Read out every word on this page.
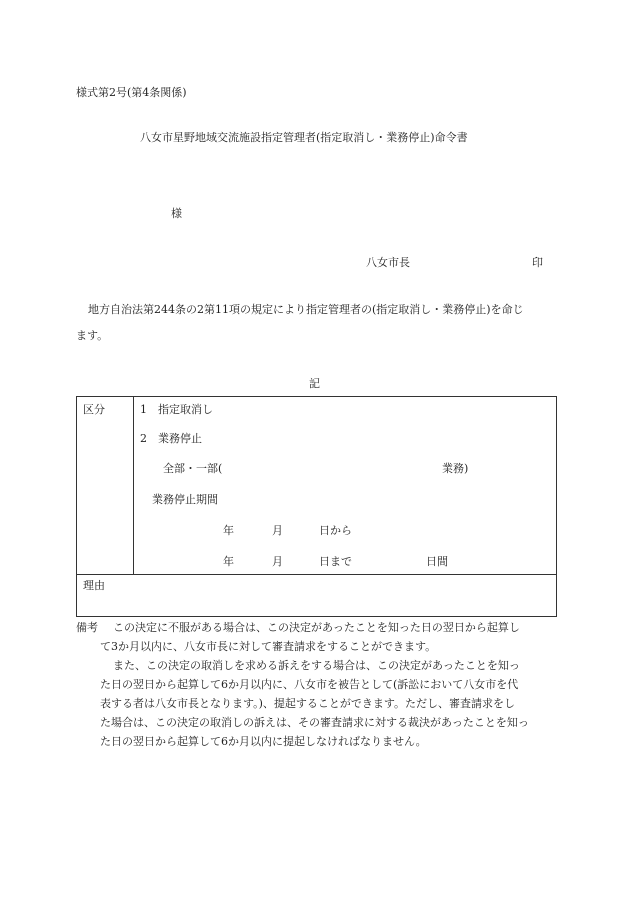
様式第2号(第4条関係)
八女市星野地域交流施設指定管理者(指定取消し・業務停止)命令書
様
八女市長	印
地方自治法第244条の2第11項の規定により指定管理者の(指定取消し・業務停止)を命じ
ます。
記
区分	1　指定取消し
2　業務停止
全部・一部(	業務)
業務停止期間
年	月	日から
年	月	日まで	日間
理由
備考 この決定に不服がある場合は、この決定があったことを知った日の翌日から起算し
て3か月以内に、八女市長に対して審査請求をすることができます。
また、この決定の取消しを求める訴えをする場合は、この決定があったことを知っ
た日の翌日から起算して6か月以内に、八女市を被告として(訴訟において八女市を代
表する者は八女市長となります。)、提起することができます。ただし、審査請求をし
た場合は、この決定の取消しの訴えは、その審査請求に対する裁決があったことを知っ
た日の翌日から起算して6か月以内に提起しなければなりません。
